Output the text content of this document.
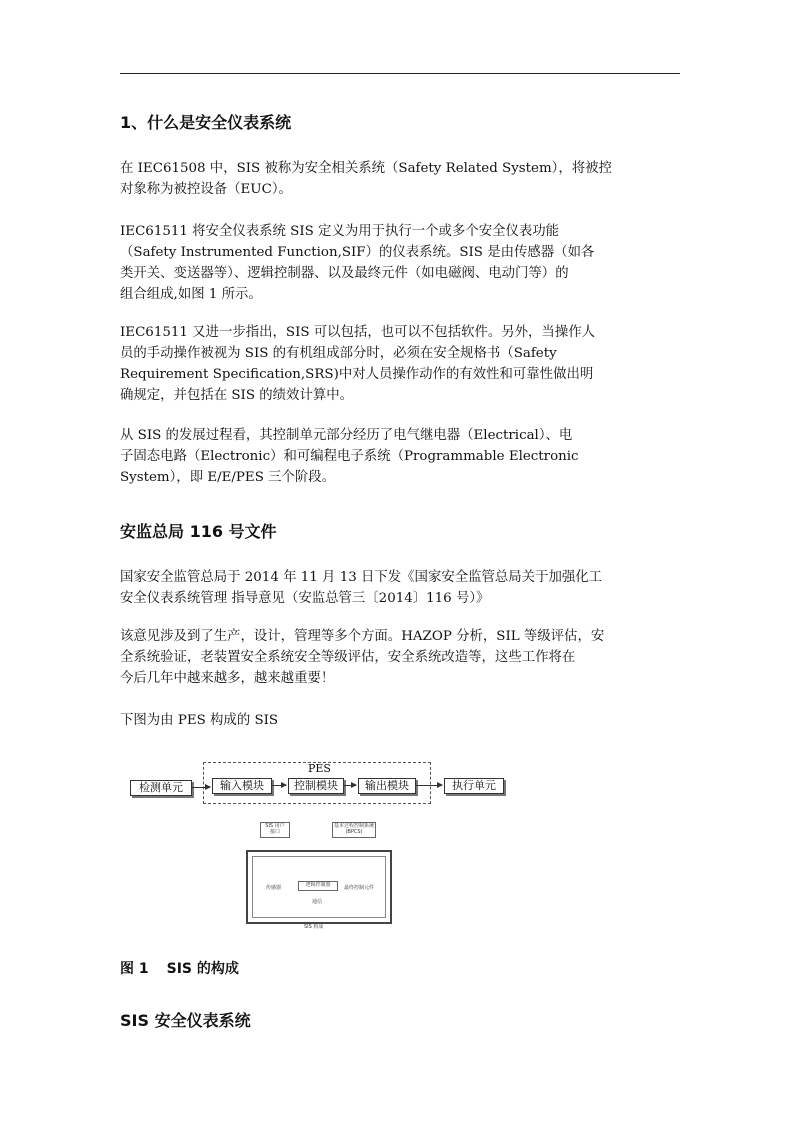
1、什么是安全仪表系统
在 IEC61508 中，SIS 被称为安全相关系统（Safety Related System），将被控
对象称为被控设备（EUC）。
IEC61511 将安全仪表系统 SIS 定义为用于执行一个或多个安全仪表功能
（Safety Instrumented Function,SIF）的仪表系统。SIS 是由传感器（如各
类开关、变送器等）、逻辑控制器、以及最终元件（如电磁阀、电动门等）的
组合组成,如图 1 所示。
IEC61511 又进一步指出，SIS 可以包括，也可以不包括软件。另外，当操作人
员的手动操作被视为 SIS 的有机组成部分时，必须在安全规格书（Safety
Requirement Specification,SRS)中对人员操作动作的有效性和可靠性做出明
确规定，并包括在 SIS 的绩效计算中。
从 SIS 的发展过程看，其控制单元部分经历了电气继电器（Electrical）、电
子固态电路（Electronic）和可编程电子系统（Programmable Electronic
System），即 E/E/PES 三个阶段。
安监总局 116 号文件
国家安全监管总局于 2014 年 11 月 13 日下发《国家安全监管总局关于加强化工
安全仪表系统管理 指导意见（安监总管三〔2014〕116 号）》
该意见涉及到了生产，设计，管理等多个方面。HAZOP 分析，SIL 等级评估，安
全系统验证，老装置安全系统安全等级评估，安全系统改造等，这些工作将在
今后几年中越来越多，越来越重要！
下图为由 PES 构成的 SIS
PES
检测单元	输入模块	控制模块	输出模块	执行单元
SIS 用户
接口
基本过程控制系统
(BPCS)
传感器	逻辑控制器	最终控制元件
通信
SIS 构成
图 1 SIS 的构成
SIS 安全仪表系统
